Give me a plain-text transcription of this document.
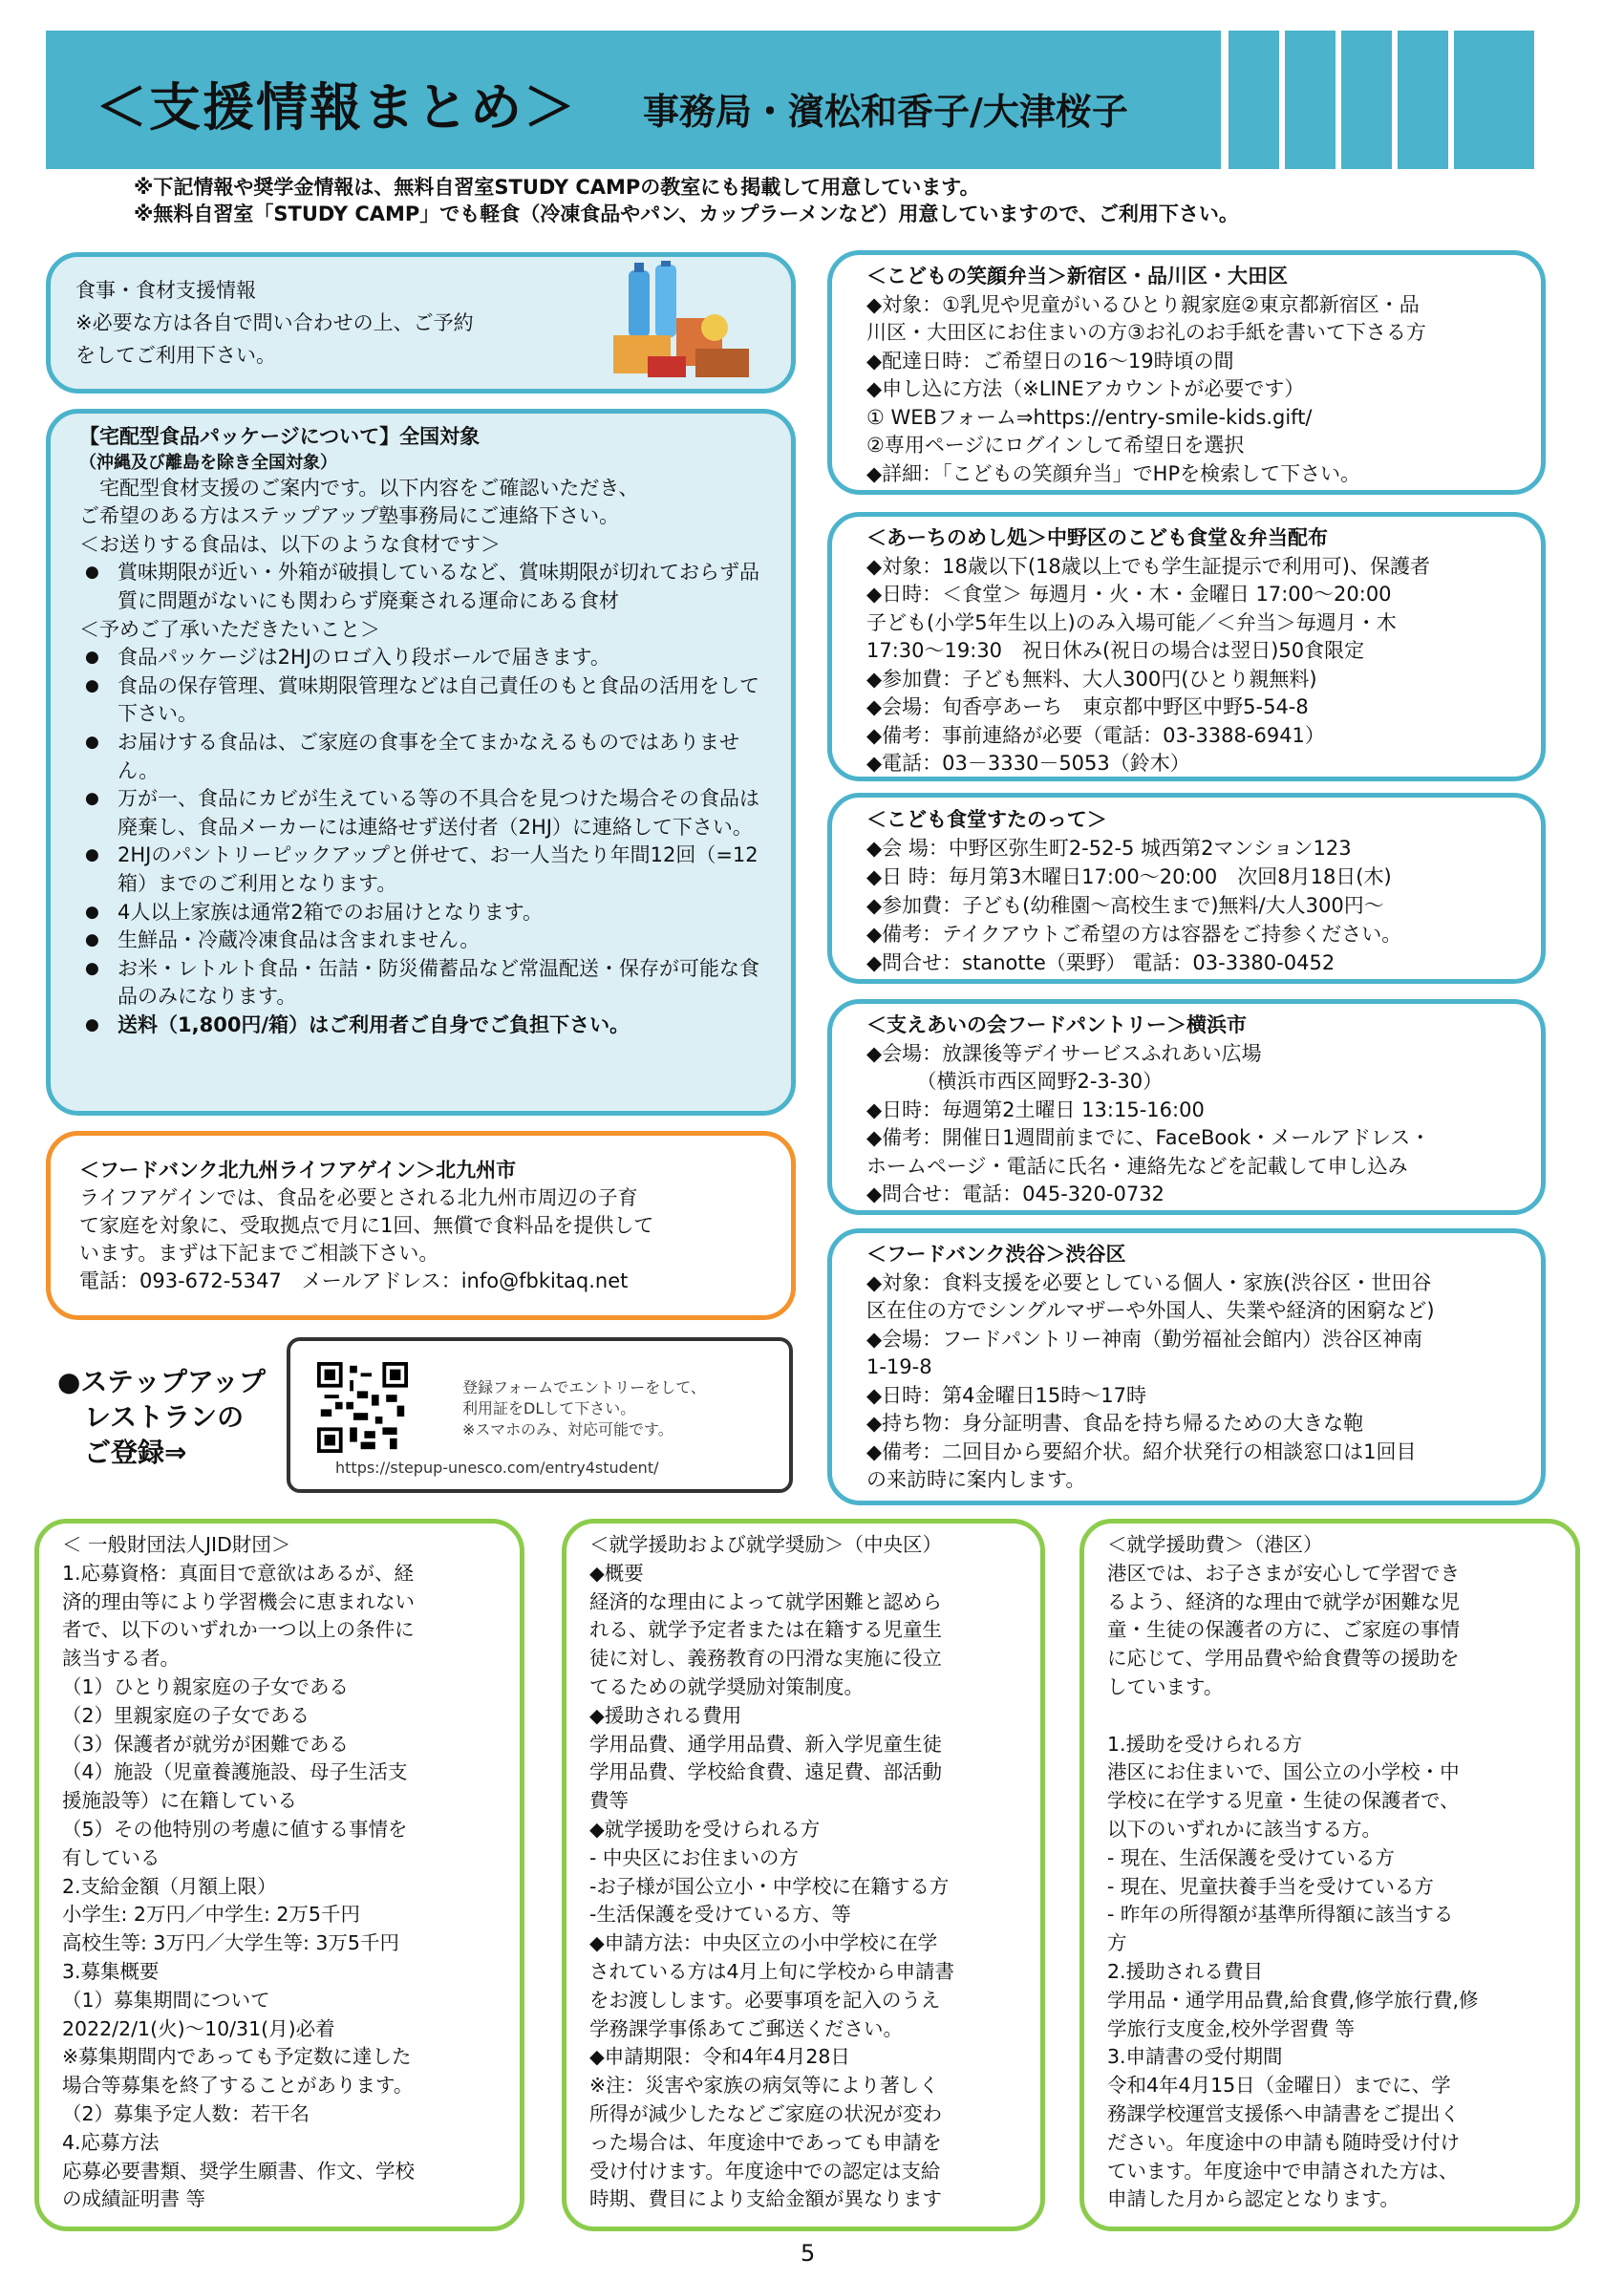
＜支援情報まとめ＞ 事務局・濱松和香子/大津桜子
※下記情報や奨学金情報は、無料自習室STUDY CAMPの教室にも掲載して用意しています。
※無料自習室「STUDY CAMP」でも軽食（冷凍食品やパン、カップラーメンなど）用意していますので、ご利用下さい。
食事・食材支援情報
※必要な方は各自で問い合わせの上、ご予約
をしてご利用下さい。
【宅配型食品パッケージについて】全国対象
（沖縄及び離島を除き全国対象）
　宅配型食材支援のご案内です。以下内容をご確認いただき、
ご希望のある方はステップアップ塾事務局にご連絡下さい。
＜お送りする食品は、以下のような食材です＞
● 賞味期限が近い・外箱が破損しているなど、賞味期限が切れておらず品質に問題がないにも関わらず廃棄される運命にある食材
＜予めご了承いただきたいこと＞
● 食品パッケージは2HJのロゴ入り段ボールで届きます。
● 食品の保存管理、賞味期限管理などは自己責任のもと食品の活用をして下さい。
● お届けする食品は、ご家庭の食事を全てまかなえるものではありません。
● 万が一、食品にカビが生えている等の不具合を見つけた場合その食品は廃棄し、食品メーカーには連絡せず送付者（2HJ）に連絡して下さい。
● 2HJのパントリーピックアップと併せて、お一人当たり年間12回（=12箱）までのご利用となります。
● 4人以上家族は通常2箱でのお届けとなります。
● 生鮮品・冷蔵冷凍食品は含まれません。
● お米・レトルト食品・缶詰・防災備蓄品など常温配送・保存が可能な食品のみになります。
● 送料（1,800円/箱）はご利用者ご自身でご負担下さい。
＜フードバンク北九州ライフアゲイン＞北九州市
ライフアゲインでは、食品を必要とされる北九州市周辺の子育
て家庭を対象に、受取拠点で月に1回、無償で食料品を提供して
います。まずは下記までご相談下さい。
電話：093-672-5347　メールアドレス：info@fbkitaq.net
●ステップアップ
　レストランの
　ご登録⇒
登録フォームでエントリーをして、
利用証をDLして下さい。
※スマホのみ、対応可能です。
https://stepup-unesco.com/entry4student/
＜こどもの笑顔弁当＞新宿区・品川区・大田区
◆対象：①乳児や児童がいるひとり親家庭②東京都新宿区・品
川区・大田区にお住まいの方③お礼のお手紙を書いて下さる方
◆配達日時：ご希望日の16～19時頃の間
◆申し込に方法（※LINEアカウントが必要です）
① WEBフォーム⇒https://entry-smile-kids.gift/
②専用ページにログインして希望日を選択
◆詳細：「こどもの笑顔弁当」でHPを検索して下さい。
＜あーちのめし処＞中野区のこども食堂＆弁当配布
◆対象：18歳以下(18歳以上でも学生証提示で利用可)、保護者
◆日時：＜食堂＞ 毎週月・火・木・金曜日 17:00～20:00
子ども(小学5年生以上)のみ入場可能／＜弁当＞毎週月・木
17:30～19:30　祝日休み(祝日の場合は翌日)50食限定
◆参加費：子ども無料、大人300円(ひとり親無料)
◆会場：旬香亭あーち　東京都中野区中野5-54-8
◆備考：事前連絡が必要（電話：03-3388-6941）
◆電話：03－3330－5053（鈴木）
＜こども食堂すたのって＞
◆会 場：中野区弥生町2-52-5 城西第2マンション123
◆日 時：毎月第3木曜日17:00～20:00　次回8月18日(木)
◆参加費：子ども(幼稚園～高校生まで)無料/大人300円～
◆備考：テイクアウトご希望の方は容器をご持参ください。
◆問合せ：stanotte（栗野） 電話：03-3380-0452
＜支えあいの会フードパントリー＞横浜市
◆会場：放課後等デイサービスふれあい広場
　　　（横浜市西区岡野2-3-30）
◆日時：毎週第2土曜日 13:15-16:00
◆備考：開催日1週間前までに、FaceBook・メールアドレス・
ホームページ・電話に氏名・連絡先などを記載して申し込み
◆問合せ：電話：045-320-0732
＜フードバンク渋谷＞渋谷区
◆対象：食料支援を必要としている個人・家族(渋谷区・世田谷
区在住の方でシングルマザーや外国人、失業や経済的困窮など)
◆会場：フードパントリー神南（勤労福祉会館内）渋谷区神南
1-19-8
◆日時：第4金曜日15時～17時
◆持ち物：身分証明書、食品を持ち帰るための大きな鞄
◆備考：二回目から要紹介状。紹介状発行の相談窓口は1回目
の来訪時に案内します。
＜ 一般財団法人JID財団＞
1.応募資格：真面目で意欲はあるが、経
済的理由等により学習機会に恵まれない
者で、以下のいずれか一つ以上の条件に
該当する者。
（1）ひとり親家庭の子女である
（2）里親家庭の子女である
（3）保護者が就労が困難である
（4）施設（児童養護施設、母子生活支
援施設等）に在籍している
（5）その他特別の考慮に値する事情を
有している
2.支給金額（月額上限）
小学生: 2万円／中学生: 2万5千円
高校生等: 3万円／大学生等: 3万5千円
3.募集概要
（1）募集期間について
2022/2/1(火)～10/31(月)必着
※募集期間内であっても予定数に達した
場合等募集を終了することがあります。
（2）募集予定人数：若干名
4.応募方法
応募必要書類、奨学生願書、作文、学校
の成績証明書 等
＜就学援助および就学奨励＞（中央区）
◆概要
経済的な理由によって就学困難と認めら
れる、就学予定者または在籍する児童生
徒に対し、義務教育の円滑な実施に役立
てるための就学奨励対策制度。
◆援助される費用
学用品費、通学用品費、新入学児童生徒
学用品費、学校給食費、遠足費、部活動
費等
◆就学援助を受けられる方
- 中央区にお住まいの方
-お子様が国公立小・中学校に在籍する方
-生活保護を受けている方、等
◆申請方法：中央区立の小中学校に在学
されている方は4月上旬に学校から申請書
をお渡しします。必要事項を記入のうえ
学務課学事係あてご郵送ください。
◆申請期限：令和4年4月28日
※注：災害や家族の病気等により著しく
所得が減少したなどご家庭の状況が変わ
った場合は、年度途中であっても申請を
受け付けます。年度途中での認定は支給
時期、費目により支給金額が異なります
＜就学援助費＞（港区）
港区では、お子さまが安心して学習でき
るよう、経済的な理由で就学が困難な児
童・生徒の保護者の方に、ご家庭の事情
に応じて、学用品費や給食費等の援助を
しています。
1.援助を受けられる方
港区にお住まいで、国公立の小学校・中
学校に在学する児童・生徒の保護者で、
以下のいずれかに該当する方。
- 現在、生活保護を受けている方
- 現在、児童扶養手当を受けている方
- 昨年の所得額が基準所得額に該当する
方
2.援助される費目
学用品・通学用品費,給食費,修学旅行費,修
学旅行支度金,校外学習費 等
3.申請書の受付期間
令和4年4月15日（金曜日）までに、学
務課学校運営支援係へ申請書をご提出く
ださい。年度途中の申請も随時受け付け
ています。年度途中で申請された方は、
申請した月から認定となります。
5
